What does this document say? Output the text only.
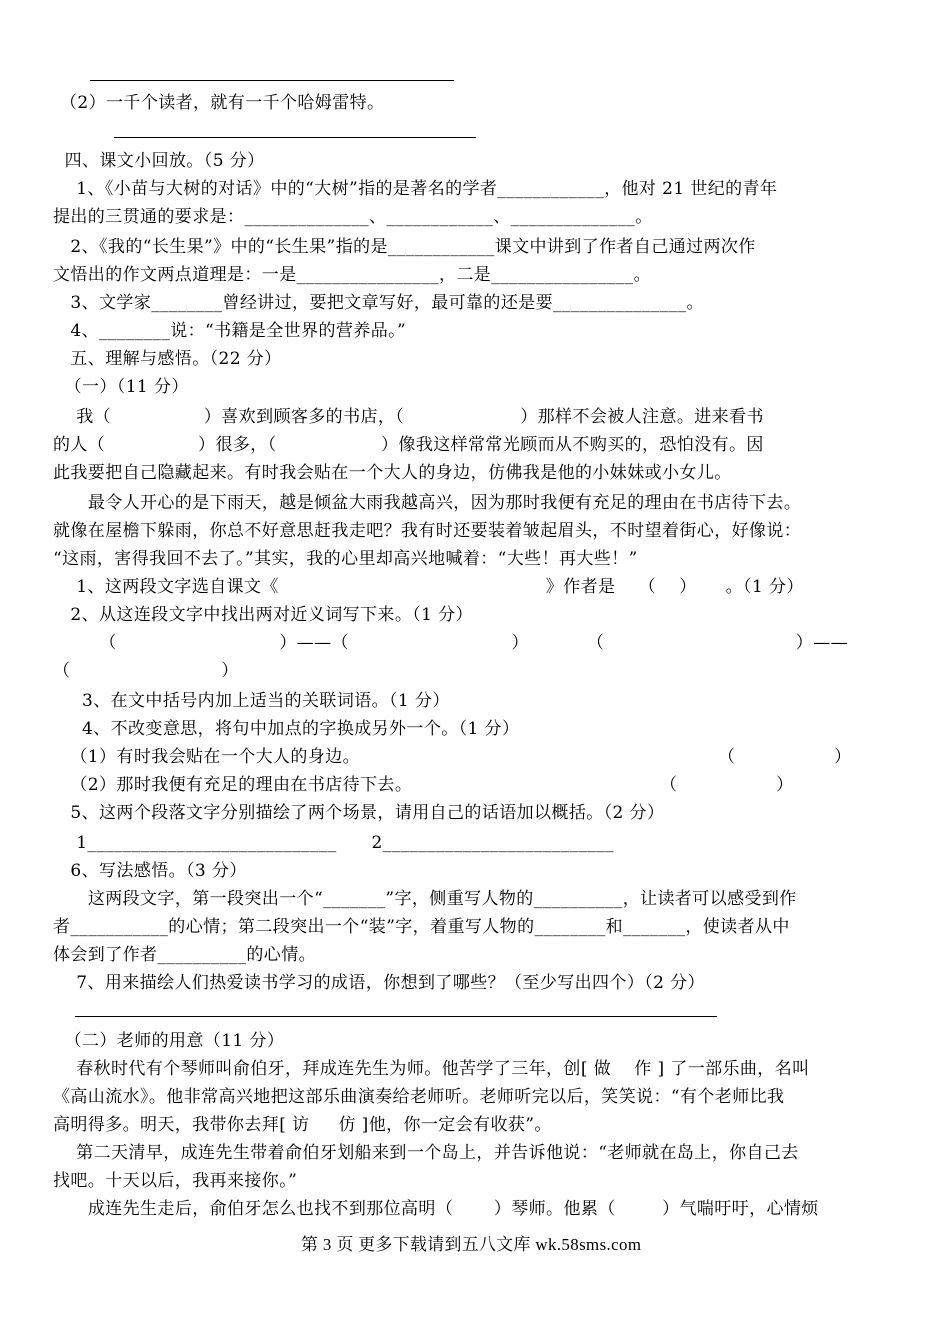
（2）一千个读者，就有一千个哈姆雷特。
四、课文小回放。（5 分）
1、《小苗与大树的对话》中的“大树”指的是著名的学者____________，他对 21 世纪的青年
提出的三贯通的要求是：______________、____________、______________。
2、《我的“长生果”》中的“长生果”指的是____________课文中讲到了作者自己通过两次作
文悟出的作文两点道理是：一是________________，二是________________。
3、文学家________曾经讲过，要把文章写好，最可靠的还是要_______________。
4、________说：“书籍是全世界的营养品。”
五、理解与感悟。（22 分）
（一）（11 分）
我（                ）喜欢到顾客多的书店，（                    ）那样不会被人注意。进来看书
的人（                ）很多，（                  ）像我这样常常光顾而从不购买的，恐怕没有。因
此我要把自己隐藏起来。有时我会贴在一个大人的身边，仿佛我是他的小妹妹或小女儿。
最令人开心的是下雨天，越是倾盆大雨我越高兴，因为那时我便有充足的理由在书店待下去。
就像在屋檐下躲雨，你总不好意思赶我走吧？我有时还要装着皱起眉头，不时望着街心，好像说：
“这雨，害得我回不去了。”其实，我的心里却高兴地喊着：“大些！再大些！”
1、这两段文字选自课文《                                              》作者是    （    ）     。（1 分）
2、从这连段文字中找出两对近义词写下来。（1 分）
（                            ）——（                            ）          （                                 ）——
（                          ）
3、在文中括号内加上适当的关联词语。（1 分）
4、不改变意思，将句中加点的字换成另外一个。（1 分）
（1）有时我会贴在一个大人的身边。	（                 ）
（2）那时我便有充足的理由在书店待下去。	（                 ）
5、这两个段落文字分别描绘了两个场景，请用自己的话语加以概括。（2 分）
1____________________________      2__________________________
6、写法感悟。（3 分）
这两段文字，第一段突出一个“_______”字，侧重写人物的__________，让读者可以感受到作
者___________的心情；第二段突出一个“装”字，着重写人物的________和_______，使读者从中
体会到了作者__________的心情。
7、用来描绘人们热爱读书学习的成语，你想到了哪些？（至少写出四个）（2 分）
（二）老师的用意（11 分）
春秋时代有个琴师叫俞伯牙，拜成连先生为师。他苦学了三年，创[ 做    作 ] 了一部乐曲，名叫
《高山流水》。他非常高兴地把这部乐曲演奏给老师听。老师听完以后，笑笑说：“有个老师比我
高明得多。明天，我带你去拜[ 访     仿 ]他，你一定会有收获”。
第二天清早，成连先生带着俞伯牙划船来到一个岛上，并告诉他说：“老师就在岛上，你自己去
找吧。十天以后，我再来接你。”
成连先生走后，俞伯牙怎么也找不到那位高明（       ）琴师。他累（        ）气喘吁吁，心情烦
第 3 页 更多下载请到五八文库 wk.58sms.com
